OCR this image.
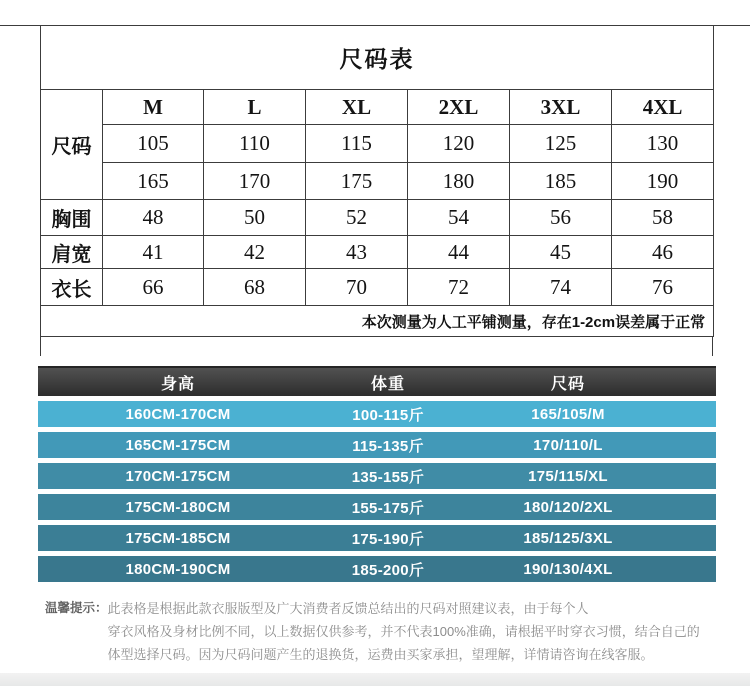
尺码表						
尺码	M	L	XL	2XL	3XL	4XL
	105	110	115	120	125	130
	165	170	175	180	185	190
胸围	48	50	52	54	56	58
肩宽	41	42	43	44	45	46
衣长	66	68	70	72	74	76
本次测量为人工平铺测量，存在1-2cm误差属于正常						
身高	体重	尺码
160CM-170CM	100-115斤	165/105/M
165CM-175CM	115-135斤	170/110/L
170CM-175CM	135-155斤	175/115/XL
175CM-180CM	155-175斤	180/120/2XL
175CM-185CM	175-190斤	185/125/3XL
180CM-190CM	185-200斤	190/130/4XL
温馨提示： 此表格是根据此款衣服版型及广大消费者反馈总结出的尺码对照建议表，由于每个人
穿衣风格及身材比例不同，以上数据仅供参考，并不代表100%准确，请根据平时穿衣习惯，结合自己的
体型选择尺码。因为尺码问题产生的退换货，运费由买家承担，望理解，详情请咨询在线客服。
